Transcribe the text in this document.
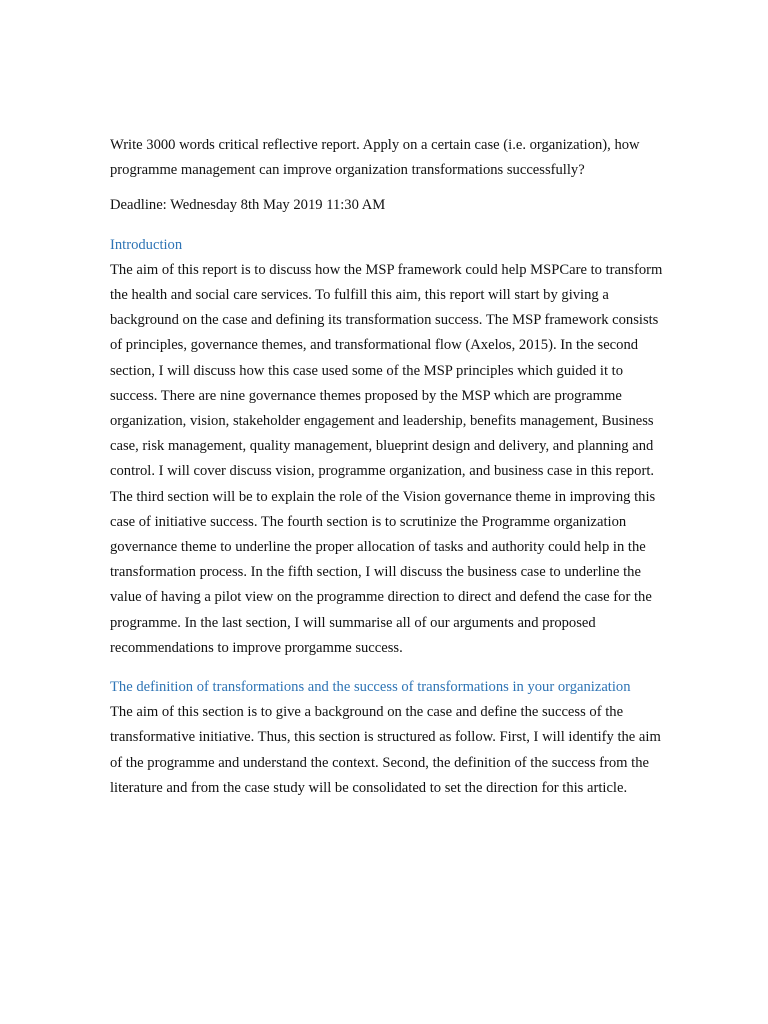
Write 3000 words critical reflective report. Apply on a certain case (i.e. organization), how programme management can improve organization transformations successfully?

Deadline: Wednesday 8th May 2019 11:30 AM

Introduction

The aim of this report is to discuss how the MSP framework could help MSPCare to transform the health and social care services. To fulfill this aim, this report will start by giving a background on the case and defining its transformation success. The MSP framework consists of principles, governance themes, and transformational flow (Axelos, 2015). In the second section, I will discuss how this case used some of the MSP principles which guided it to success. There are nine governance themes proposed by the MSP which are programme organization, vision, stakeholder engagement and leadership, benefits management, Business case, risk management, quality management, blueprint design and delivery, and planning and control. I will cover discuss vision, programme organization, and business case in this report. The third section will be to explain the role of the Vision governance theme in improving this case of initiative success. The fourth section is to scrutinize the Programme organization governance theme to underline the proper allocation of tasks and authority could help in the transformation process. In the fifth section, I will discuss the business case to underline the value of having a pilot view on the programme direction to direct and defend the case for the programme. In the last section, I will summarise all of our arguments and proposed recommendations to improve prorgamme success.

The definition of transformations and the success of transformations in your organization

The aim of this section is to give a background on the case and define the success of the transformative initiative. Thus, this section is structured as follow. First, I will identify the aim of the programme and understand the context. Second, the definition of the success from the literature and from the case study will be consolidated to set the direction for this article.
